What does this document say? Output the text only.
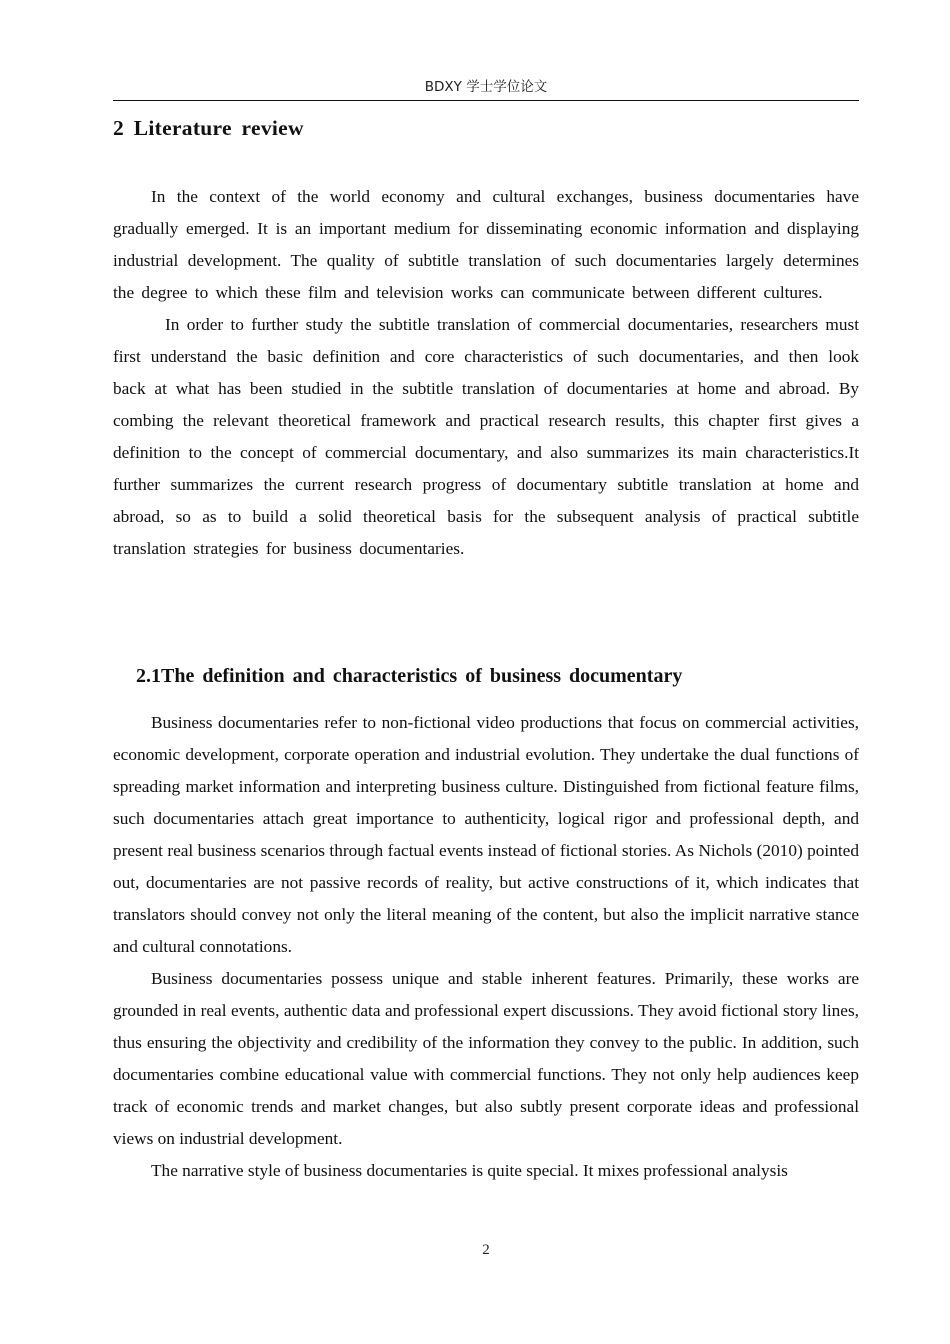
BDXY 学士学位论文
2 Literature review

In the context of the world economy and cultural exchanges, business documentaries have gradually emerged. It is an important medium for disseminating economic information and displaying industrial development. The quality of subtitle translation of such documentaries largely determines the degree to which these film and television works can communicate between different cultures.

In order to further study the subtitle translation of commercial documentaries, researchers must first understand the basic definition and core characteristics of such documentaries, and then look back at what has been studied in the subtitle translation of documentaries at home and abroad. By combing the relevant theoretical framework and practical research results, this chapter first gives a definition to the concept of commercial documentary, and also summarizes its main characteristics.It further summarizes the current research progress of documentary subtitle translation at home and abroad, so as to build a solid theoretical basis for the subsequent analysis of practical subtitle translation strategies for business documentaries.

2.1The definition and characteristics of business documentary

Business documentaries refer to non-fictional video productions that focus on commercial activities, economic development, corporate operation and industrial evolution. They undertake the dual functions of spreading market information and interpreting business culture. Distinguished from fictional feature films, such documentaries attach great importance to authenticity, logical rigor and professional depth, and present real business scenarios through factual events instead of fictional stories. As Nichols (2010) pointed out, documentaries are not passive records of reality, but active constructions of it, which indicates that translators should convey not only the literal meaning of the content, but also the implicit narrative stance and cultural connotations.

Business documentaries possess unique and stable inherent features. Primarily, these works are grounded in real events, authentic data and professional expert discussions. They avoid fictional story lines, thus ensuring the objectivity and credibility of the information they convey to the public. In addition, such documentaries combine educational value with commercial functions. They not only help audiences keep track of economic trends and market changes, but also subtly present corporate ideas and professional views on industrial development.

The narrative style of business documentaries is quite special. It mixes professional analysis

2
